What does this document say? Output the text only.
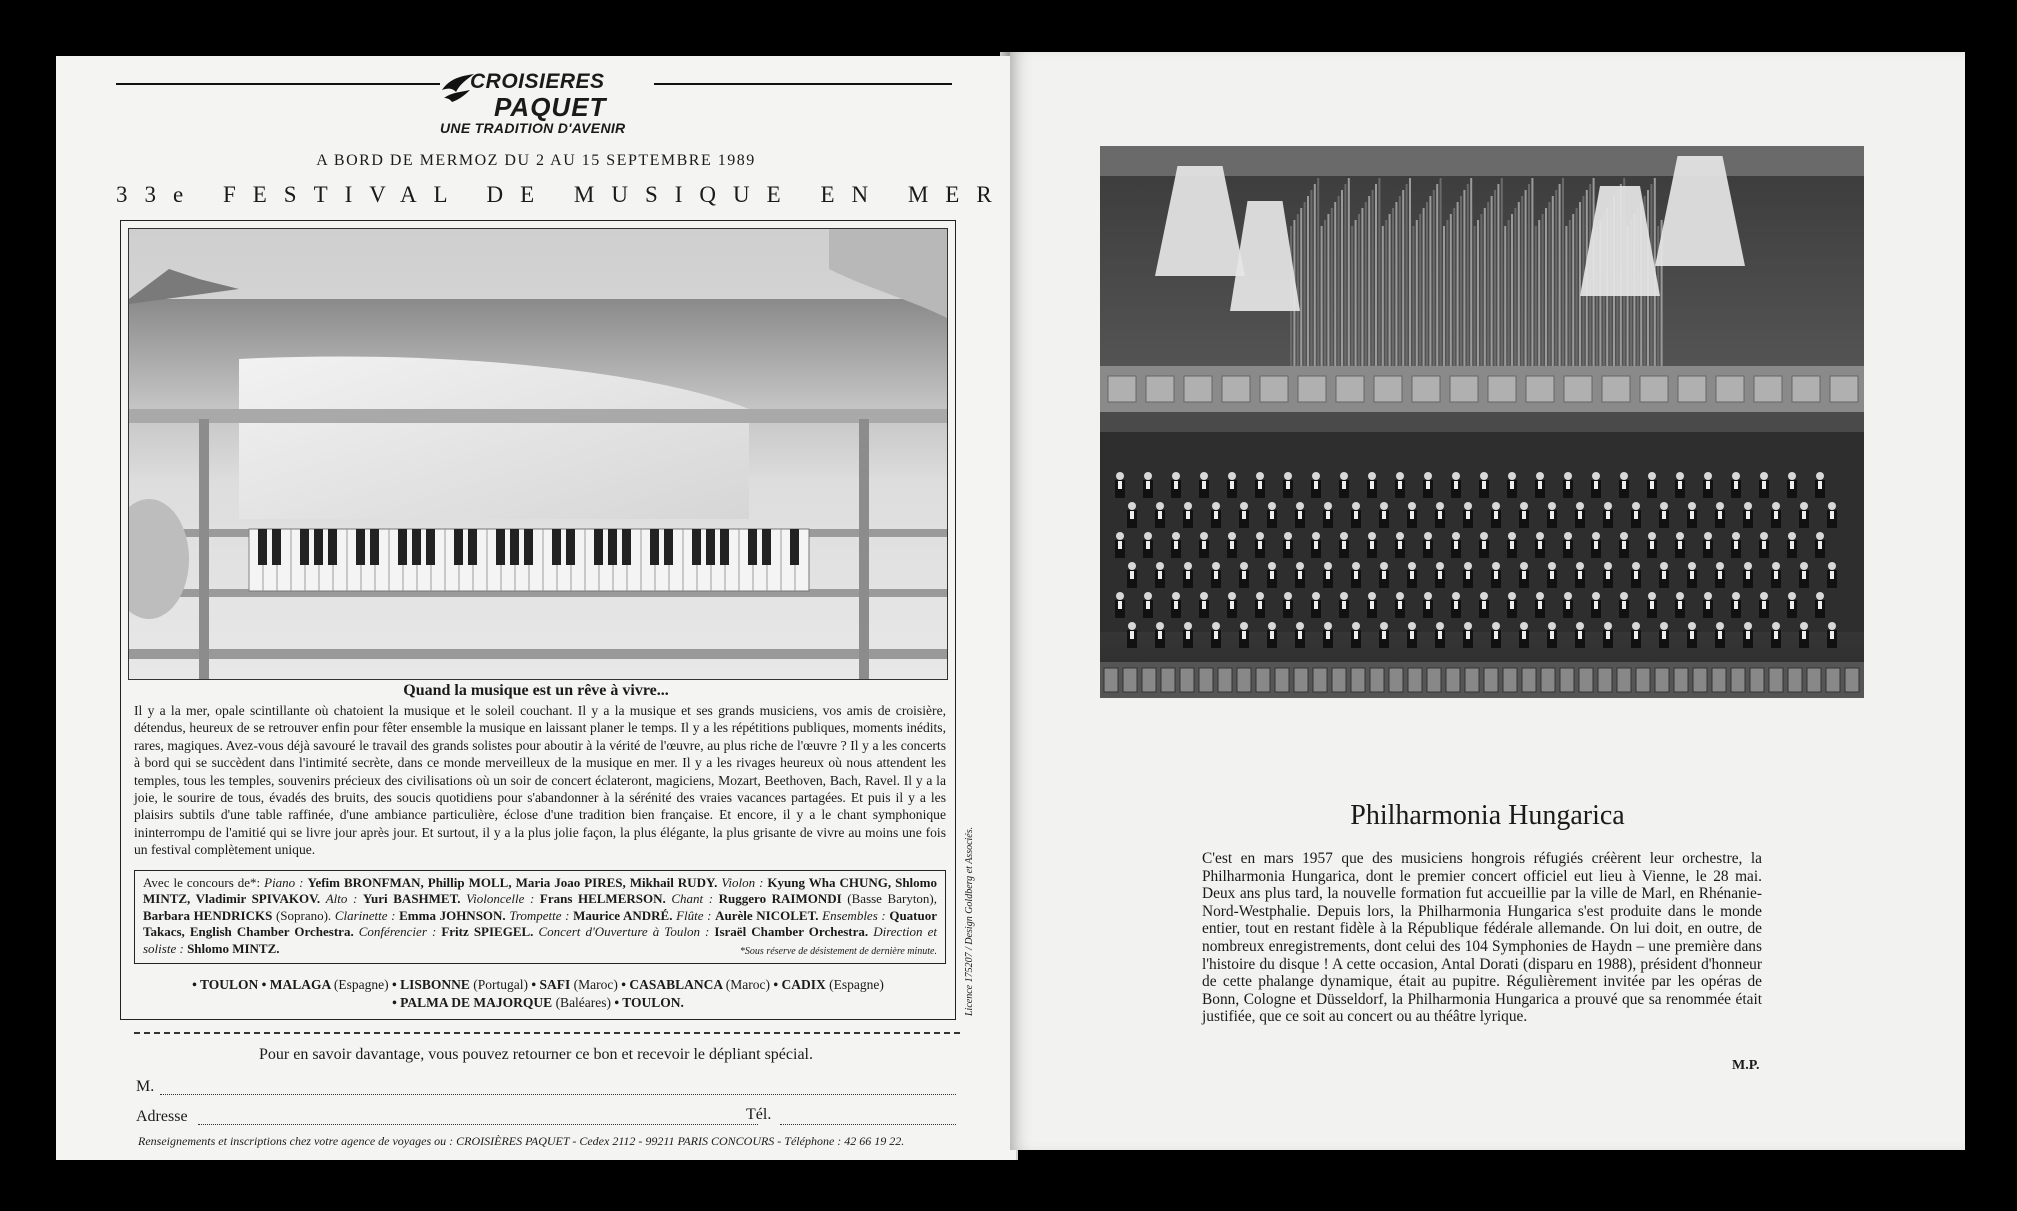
CROISIERES
PAQUET
UNE TRADITION D'AVENIR
A BORD DE MERMOZ DU 2 AU 15 SEPTEMBRE 1989
33e FESTIVAL DE MUSIQUE EN MER
Quand la musique est un rêve à vivre...
Il y a la mer, opale scintillante où chatoient la musique et le soleil couchant. Il y a la musique et ses grands musiciens, vos amis de croisière, détendus, heureux de se retrouver enfin pour fêter ensemble la musique en laissant planer le temps. Il y a les répétitions publiques, moments inédits, rares, magiques. Avez-vous déjà savouré le travail des grands solistes pour aboutir à la vérité de l'œuvre, au plus riche de l'œuvre ? Il y a les concerts à bord qui se succèdent dans l'intimité secrète, dans ce monde merveilleux de la musique en mer. Il y a les rivages heureux où nous attendent les temples, tous les temples, souvenirs précieux des civilisations où un soir de concert éclateront, magiciens, Mozart, Beethoven, Bach, Ravel. Il y a la joie, le sourire de tous, évadés des bruits, des soucis quotidiens pour s'abandonner à la sérénité des vraies vacances partagées. Et puis il y a les plaisirs subtils d'une table raffinée, d'une ambiance particulière, éclose d'une tradition bien française. Et encore, il y a le chant symphonique ininterrompu de l'amitié qui se livre jour après jour. Et surtout, il y a la plus jolie façon, la plus élégante, la plus grisante de vivre au moins une fois un festival complètement unique.
Avec le concours de*: Piano : Yefim BRONFMAN, Phillip MOLL, Maria Joao PIRES, Mikhail RUDY. Violon : Kyung Wha CHUNG, Shlomo MINTZ, Vladimir SPIVAKOV. Alto : Yuri BASHMET. Violoncelle : Frans HELMERSON. Chant : Ruggero RAIMONDI (Basse Baryton), Barbara HENDRICKS (Soprano). Clarinette : Emma JOHNSON. Trompette : Maurice ANDRÉ. Flûte : Aurèle NICOLET. Ensembles : Quatuor Takacs, English Chamber Orchestra. Conférencier : Fritz SPIEGEL. Concert d'Ouverture à Toulon : Israël Chamber Orchestra. Direction et soliste : Shlomo MINTZ.	*Sous réserve de désistement de dernière minute.
• TOULON • MALAGA (Espagne) • LISBONNE (Portugal) • SAFI (Maroc) • CASABLANCA (Maroc) • CADIX (Espagne)
• PALMA DE MAJORQUE (Baléares) • TOULON.	Licence 175207 / Design Goldberg et Associés.
Pour en savoir davantage, vous pouvez retourner ce bon et recevoir le dépliant spécial.
M.
Adresse	Tél.
Renseignements et inscriptions chez votre agence de voyages ou : CROISIÈRES PAQUET - Cedex 2112 - 99211 PARIS CONCOURS - Téléphone : 42 66 19 22.
Philharmonia Hungarica
C'est en mars 1957 que des musiciens hongrois réfugiés créèrent leur orchestre, la Philharmonia Hungarica, dont le premier concert officiel eut lieu à Vienne, le 28 mai. Deux ans plus tard, la nouvelle formation fut accueillie par la ville de Marl, en Rhénanie-Nord-Westphalie. Depuis lors, la Philharmonia Hungarica s'est produite dans le monde entier, tout en restant fidèle à la République fédérale allemande. On lui doit, en outre, de nombreux enregistrements, dont celui des 104 Symphonies de Haydn – une première dans l'histoire du disque ! A cette occasion, Antal Dorati (disparu en 1988), président d'honneur de cette phalange dynamique, était au pupitre. Régulièrement invitée par les opéras de Bonn, Cologne et Düsseldorf, la Philharmonia Hungarica a prouvé que sa renommée était justifiée, que ce soit au concert ou au théâtre lyrique.
M.P.
